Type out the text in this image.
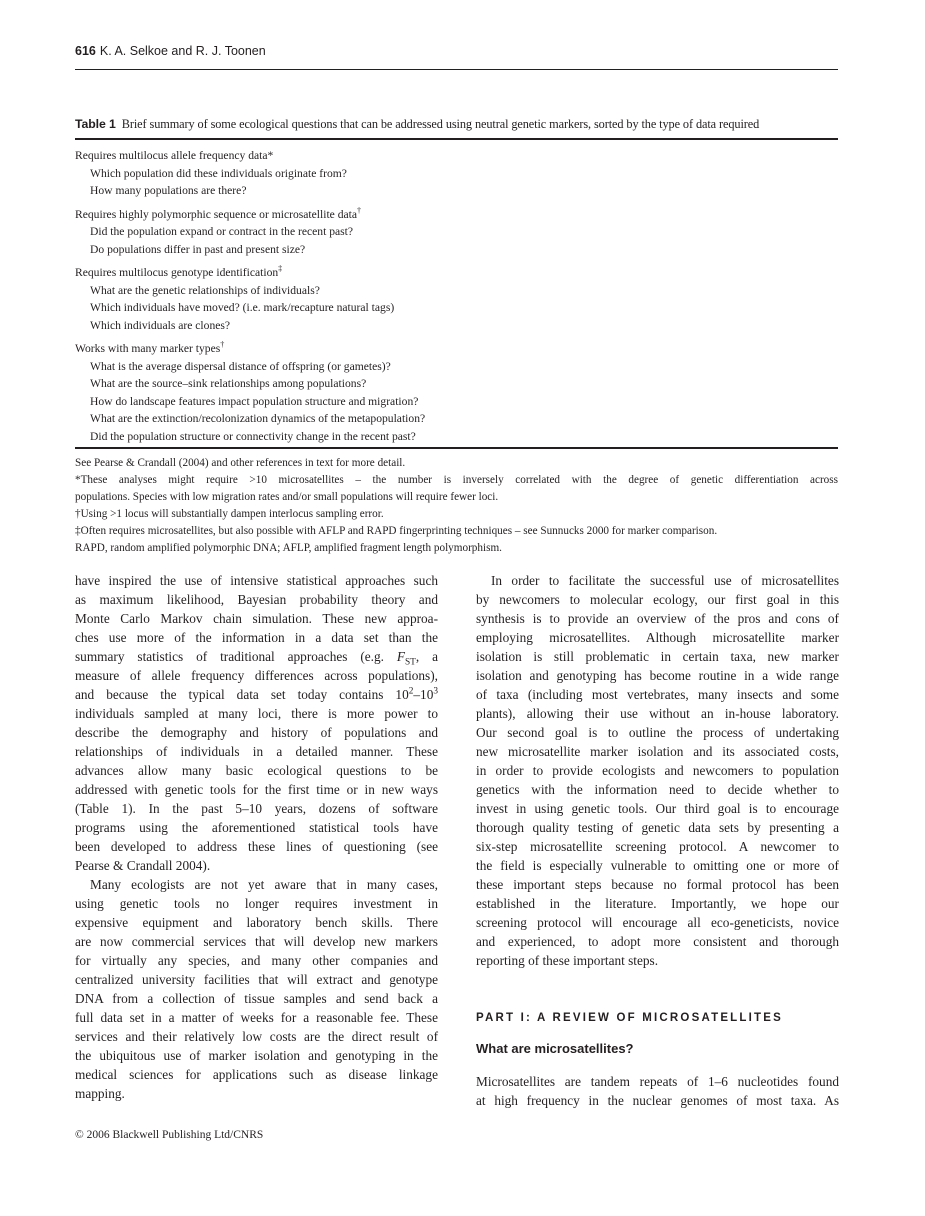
616 K. A. Selkoe and R. J. Toonen
Table 1 Brief summary of some ecological questions that can be addressed using neutral genetic markers, sorted by the type of data required
Requires multilocus allele frequency data*
Which population did these individuals originate from?
How many populations are there?
Requires highly polymorphic sequence or microsatellite data†
Did the population expand or contract in the recent past?
Do populations differ in past and present size?
Requires multilocus genotype identification‡
What are the genetic relationships of individuals?
Which individuals have moved? (i.e. mark/recapture natural tags)
Which individuals are clones?
Works with many marker types†
What is the average dispersal distance of offspring (or gametes)?
What are the source–sink relationships among populations?
How do landscape features impact population structure and migration?
What are the extinction/recolonization dynamics of the metapopulation?
Did the population structure or connectivity change in the recent past?
See Pearse & Crandall (2004) and other references in text for more detail.
*These analyses might require >10 microsatellites – the number is inversely correlated with the degree of genetic differentiation across
populations. Species with low migration rates and/or small populations will require fewer loci.
†Using >1 locus will substantially dampen interlocus sampling error.
‡Often requires microsatellites, but also possible with AFLP and RAPD fingerprinting techniques – see Sunnucks 2000 for marker comparison.
RAPD, random amplified polymorphic DNA; AFLP, amplified fragment length polymorphism.
have inspired the use of intensive statistical approaches such
as maximum likelihood, Bayesian probability theory and
Monte Carlo Markov chain simulation. These new approa-
ches use more of the information in a data set than the
summary statistics of traditional approaches (e.g. $F_{ST}$, a
measure of allele frequency differences across populations),
and because the typical data set today contains $10^2-10^3$
individuals sampled at many loci, there is more power to
describe the demography and history of populations and
relationships of individuals in a detailed manner. These
advances allow many basic ecological questions to be
addressed with genetic tools for the first time or in new ways
(Table 1). In the past 5–10 years, dozens of software
programs using the aforementioned statistical tools have
been developed to address these lines of questioning (see
Pearse & Crandall 2004).
Many ecologists are not yet aware that in many cases,
using genetic tools no longer requires investment in
expensive equipment and laboratory bench skills. There
are now commercial services that will develop new markers
for virtually any species, and many other companies and
centralized university facilities that will extract and genotype
DNA from a collection of tissue samples and send back a
full data set in a matter of weeks for a reasonable fee. These
services and their relatively low costs are the direct result of
the ubiquitous use of marker isolation and genotyping in the
medical sciences for applications such as disease linkage
mapping.
In order to facilitate the successful use of microsatellites
by newcomers to molecular ecology, our first goal in this
synthesis is to provide an overview of the pros and cons of
employing microsatellites. Although microsatellite marker
isolation is still problematic in certain taxa, new marker
isolation and genotyping has become routine in a wide range
of taxa (including most vertebrates, many insects and some
plants), allowing their use without an in-house laboratory.
Our second goal is to outline the process of undertaking
new microsatellite marker isolation and its associated costs,
in order to provide ecologists and newcomers to population
genetics with the information need to decide whether to
invest in using genetic tools. Our third goal is to encourage
thorough quality testing of genetic data sets by presenting a
six-step microsatellite screening protocol. A newcomer to
the field is especially vulnerable to omitting one or more of
these important steps because no formal protocol has been
established in the literature. Importantly, we hope our
screening protocol will encourage all eco-geneticists, novice
and experienced, to adopt more consistent and thorough
reporting of these important steps.
PART I: A REVIEW OF MICROSATELLITES
What are microsatellites?
Microsatellites are tandem repeats of 1–6 nucleotides found
at high frequency in the nuclear genomes of most taxa. As
© 2006 Blackwell Publishing Ltd/CNRS
